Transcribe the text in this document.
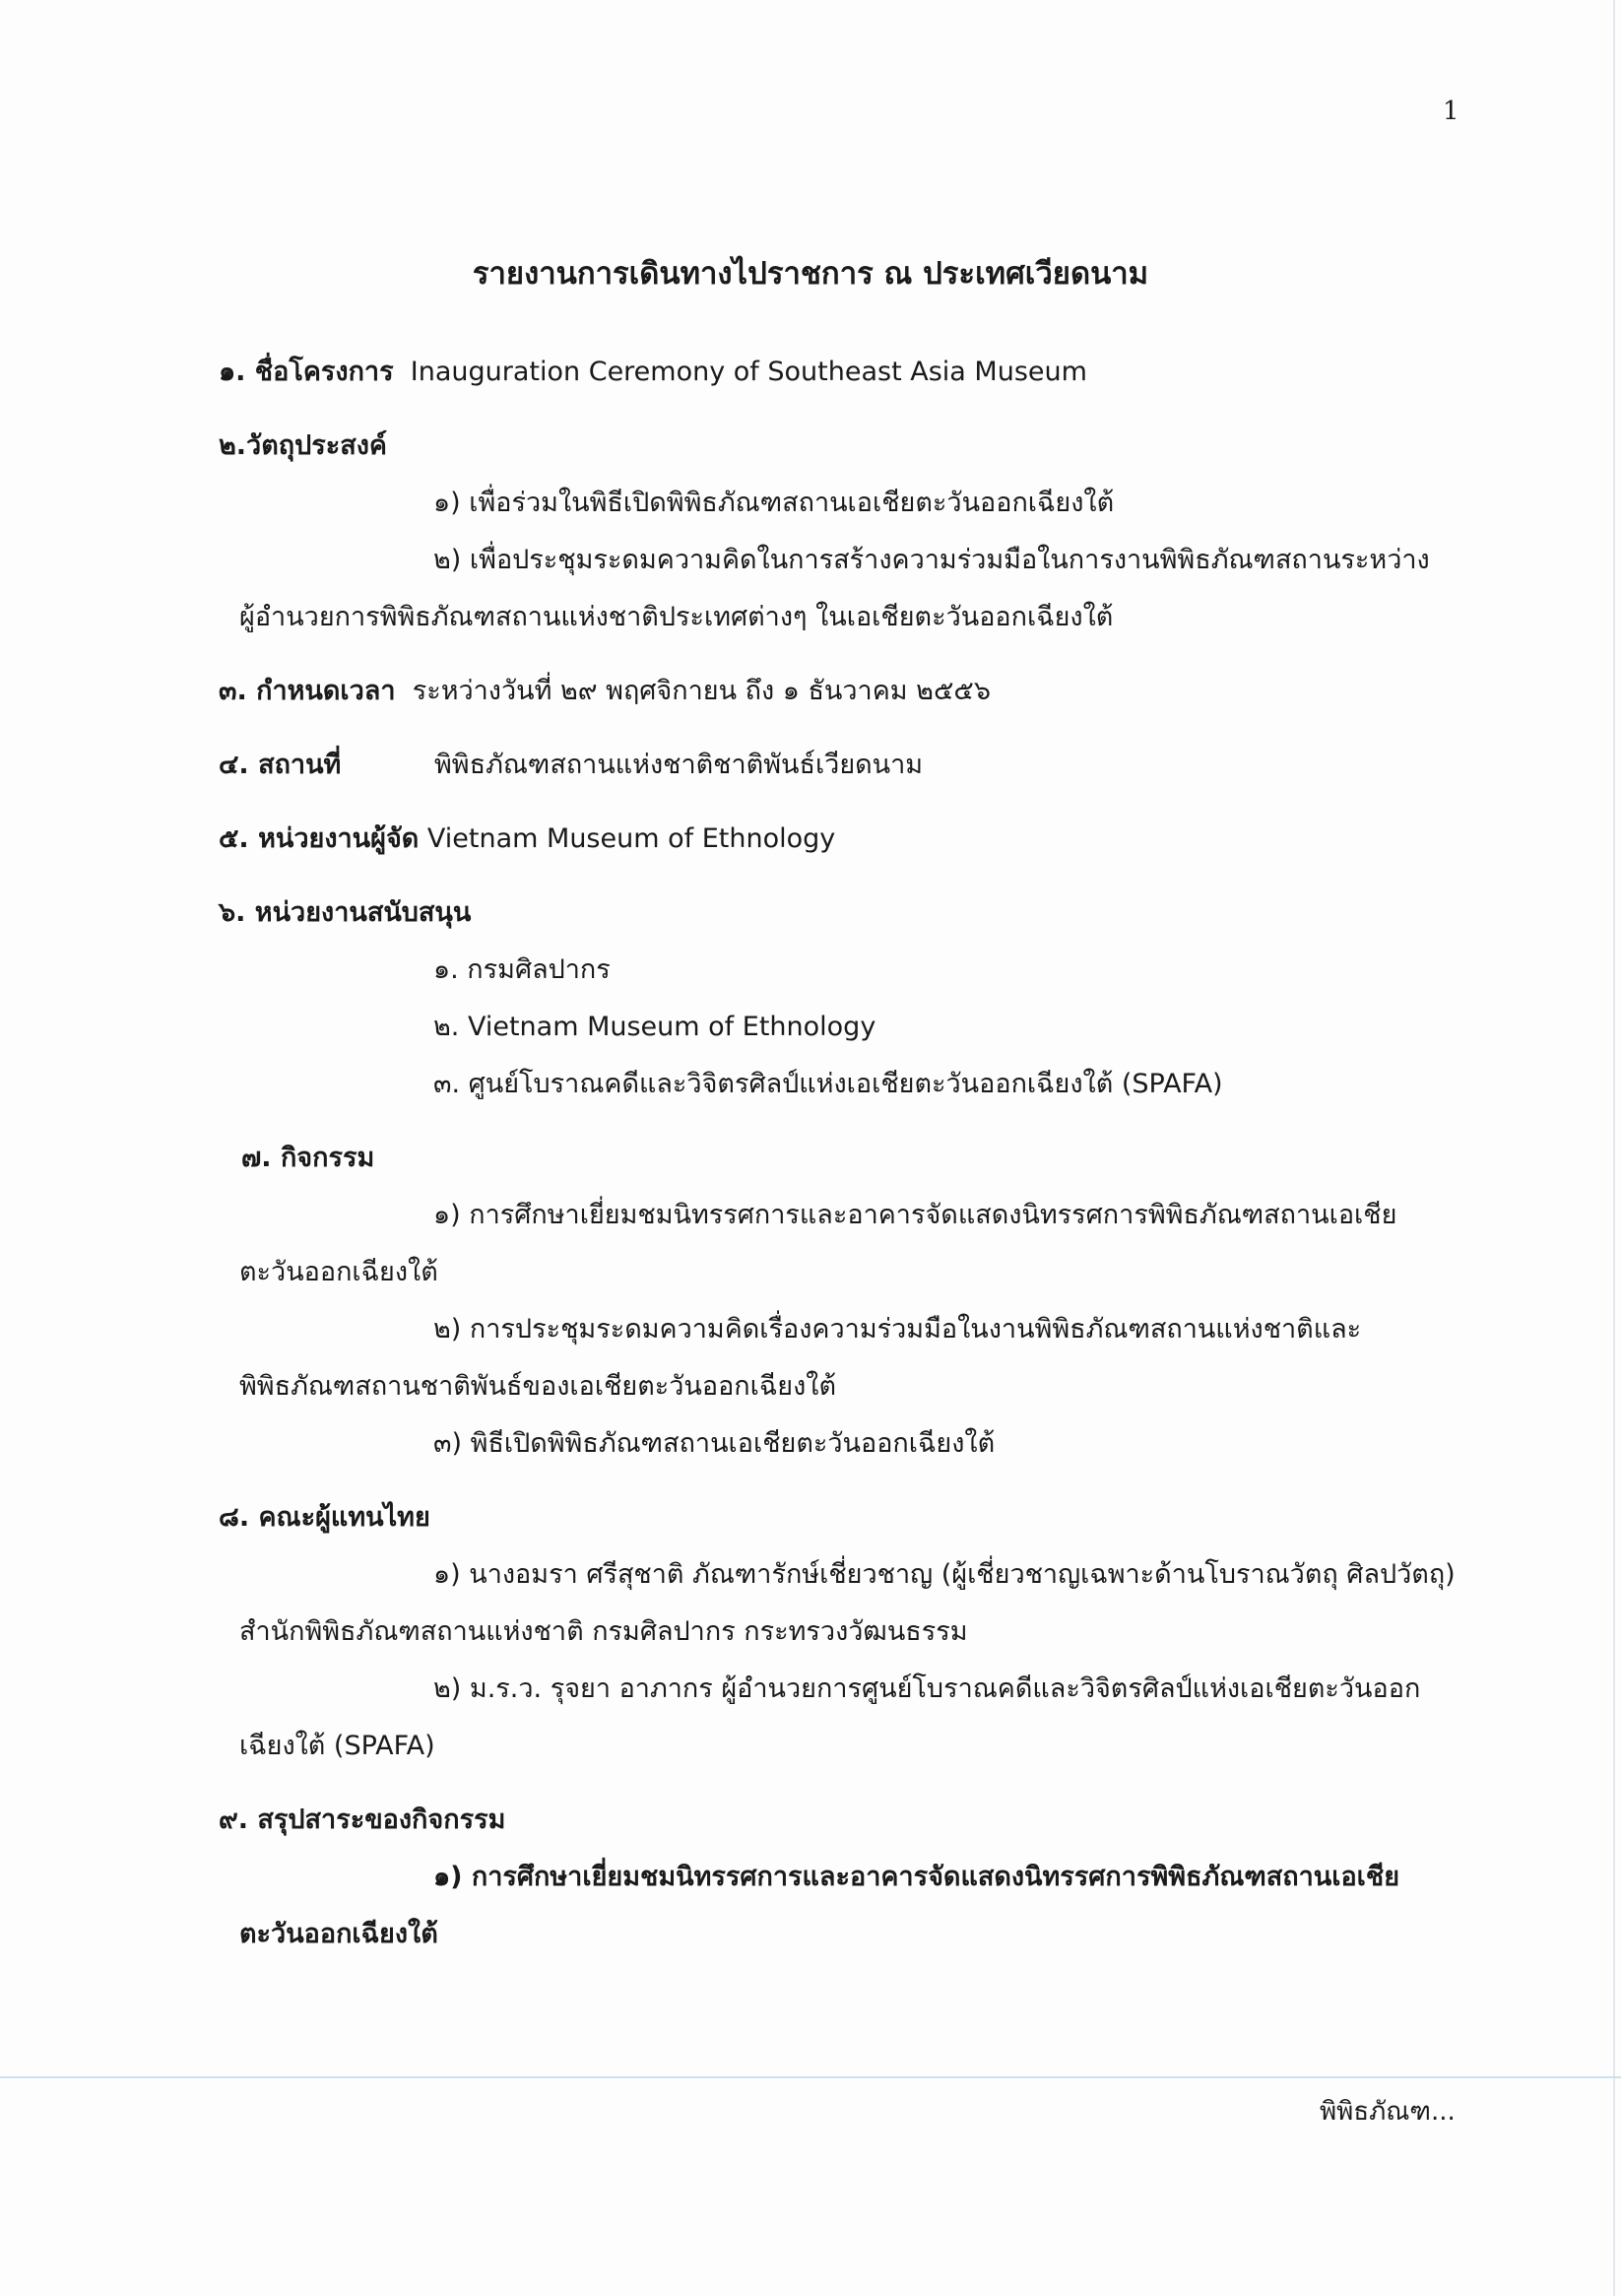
1
รายงานการเดินทางไปราชการ ณ ประเทศเวียดนาม
๑. ชื่อโครงการ Inauguration Ceremony of Southeast Asia Museum
๒.วัตถุประสงค์
๑) เพื่อร่วมในพิธีเปิดพิพิธภัณฑสถานเอเชียตะวันออกเฉียงใต้
๒) เพื่อประชุมระดมความคิดในการสร้างความร่วมมือในการงานพิพิธภัณฑสถานระหว่าง
ผู้อำนวยการพิพิธภัณฑสถานแห่งชาติประเทศต่างๆ ในเอเชียตะวันออกเฉียงใต้
๓. กำหนดเวลา ระหว่างวันที่ ๒๙ พฤศจิกายน ถึง ๑ ธันวาคม ๒๕๕๖
๔. สถานที่	พิพิธภัณฑสถานแห่งชาติชาติพันธ์เวียดนาม
๕. หน่วยงานผู้จัด Vietnam Museum of Ethnology
๖. หน่วยงานสนับสนุน
๑. กรมศิลปากร
๒. Vietnam Museum of Ethnology
๓. ศูนย์โบราณคดีและวิจิตรศิลป์แห่งเอเชียตะวันออกเฉียงใต้ (SPAFA)
๗. กิจกรรม
๑) การศึกษาเยี่ยมชมนิทรรศการและอาคารจัดแสดงนิทรรศการพิพิธภัณฑสถานเอเชีย
ตะวันออกเฉียงใต้
๒) การประชุมระดมความคิดเรื่องความร่วมมือในงานพิพิธภัณฑสถานแห่งชาติและ
พิพิธภัณฑสถานชาติพันธ์ของเอเชียตะวันออกเฉียงใต้
๓) พิธีเปิดพิพิธภัณฑสถานเอเชียตะวันออกเฉียงใต้
๘. คณะผู้แทนไทย
๑) นางอมรา ศรีสุชาติ ภัณฑารักษ์เชี่ยวชาญ (ผู้เชี่ยวชาญเฉพาะด้านโบราณวัตถุ ศิลปวัตถุ)
สำนักพิพิธภัณฑสถานแห่งชาติ กรมศิลปากร กระทรวงวัฒนธรรม
๒) ม.ร.ว. รุจยา อาภากร ผู้อำนวยการศูนย์โบราณคดีและวิจิตรศิลป์แห่งเอเชียตะวันออก
เฉียงใต้ (SPAFA)
๙. สรุปสาระของกิจกรรม
๑) การศึกษาเยี่ยมชมนิทรรศการและอาคารจัดแสดงนิทรรศการพิพิธภัณฑสถานเอเชีย
ตะวันออกเฉียงใต้
พิพิธภัณฑ...
